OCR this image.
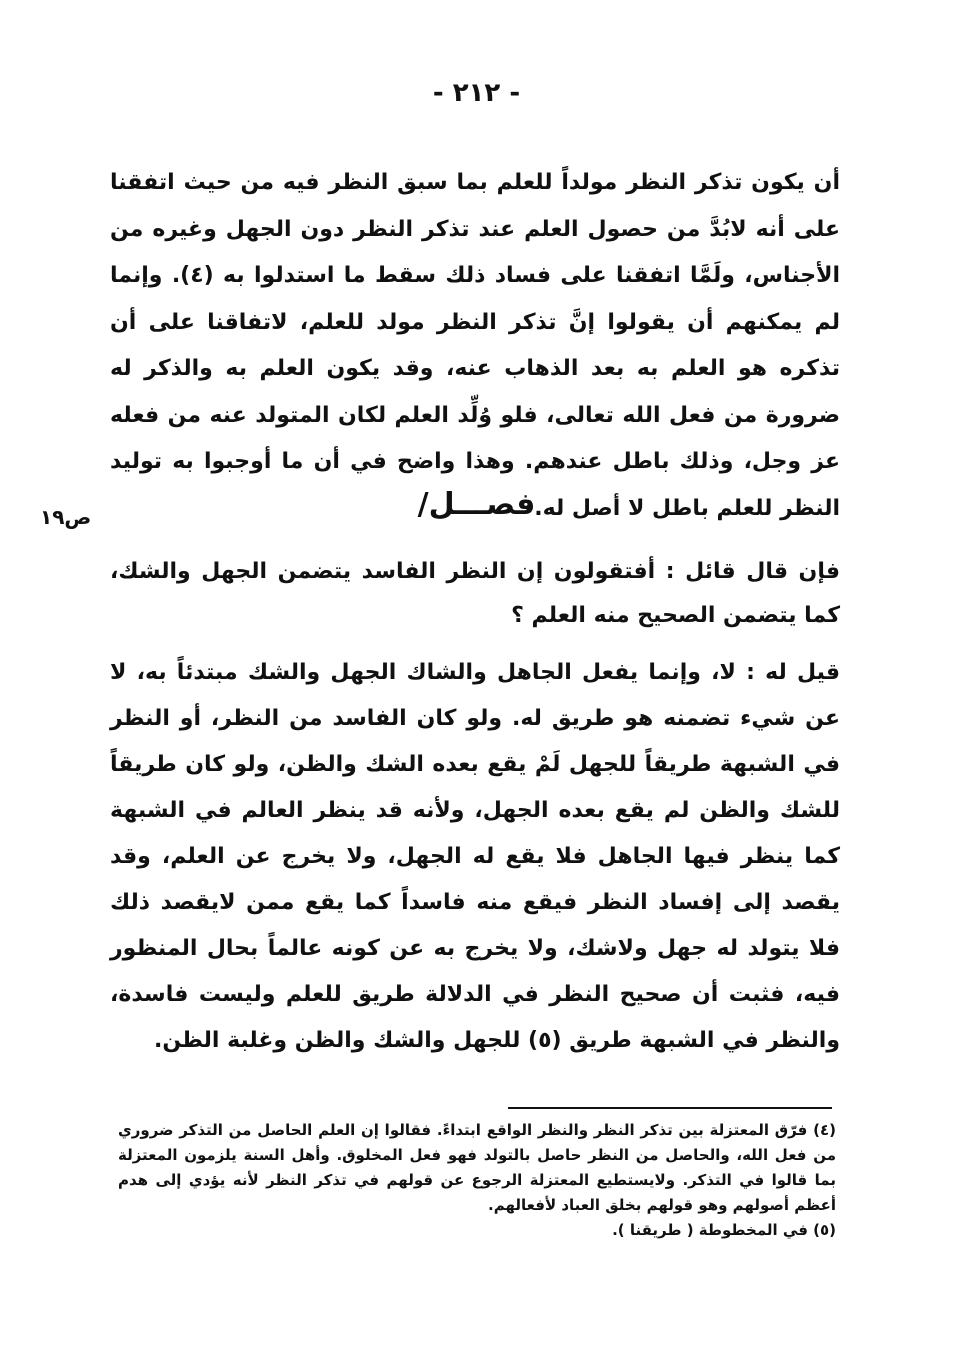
- ٢١٢ -

أن يكون تذكر النظر مولداً للعلم بما سبق النظر فيه من حيث اتفقنا على أنه لابُدَّ من حصول العلم عند تذكر النظر دون الجهل وغيره من الأجناس، ولَمَّا اتفقنا على فساد ذلك سقط ما استدلوا به (٤). وإنما لم يمكنهم أن يقولوا إنَّ تذكر النظر مولد للعلم، لاتفاقنا على أن تذكره هو العلم به بعد الذهاب عنه، وقد يكون العلم به والذكر له ضرورة من فعل الله تعالى، فلو وُلِّد العلم لكان المتولد عنه من فعله عز وجل، وذلك باطل عندهم. وهذا واضح في أن ما أوجبوا به توليد النظر للعلم باطل لا أصل له.

فصـــل/
ص١٩

فإن قال قائل : أفتقولون إن النظر الفاسد يتضمن الجهل والشك، كما يتضمن الصحيح منه العلم ؟

قيل له : لا، وإنما يفعل الجاهل والشاك الجهل والشك مبتدئاً به، لا عن شيء تضمنه هو طريق له. ولو كان الفاسد من النظر، أو النظر في الشبهة طريقاً للجهل لَمْ يقع بعده الشك والظن، ولو كان طريقاً للشك والظن لم يقع بعده الجهل، ولأنه قد ينظر العالم في الشبهة كما ينظر فيها الجاهل فلا يقع له الجهل، ولا يخرج عن العلم، وقد يقصد إلى إفساد النظر فيقع منه فاسداً كما يقع ممن لايقصد ذلك فلا يتولد له جهل ولاشك، ولا يخرج به عن كونه عالماً بحال المنظور فيه، فثبت أن صحيح النظر في الدلالة طريق للعلم وليست فاسدة، والنظر في الشبهة طريق (٥) للجهل والشك والظن وغلبة الظن.

(٤) فرّق المعتزلة بين تذكر النظر والنظر الواقع ابتداءً. فقالوا إن العلم الحاصل من التذكر ضروري من فعل الله، والحاصل من النظر حاصل بالتولد فهو فعل المخلوق. وأهل السنة يلزمون المعتزلة بما قالوا في التذكر. ولايستطيع المعتزلة الرجوع عن قولهم في تذكر النظر لأنه يؤدي إلى هدم أعظم أصولهم وهو قولهم بخلق العباد لأفعالهم.

(٥) في المخطوطة ( طريقنا ).
